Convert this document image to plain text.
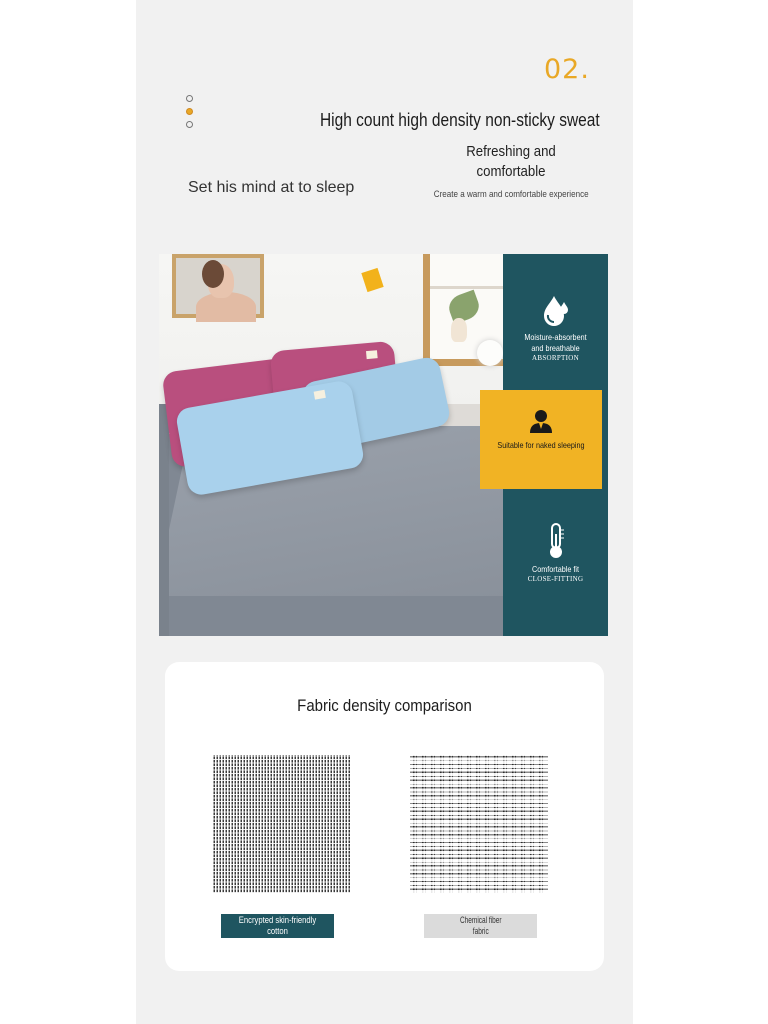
02.
High count high density non-sticky sweat
Refreshing and
comfortable
Set his mind at to sleep	Create a warm and comfortable experience
Moisture-absorbent
and breathable
ABSORPTION
Comfortable fit
CLOSE-FITTING
Suitable for naked sleeping
Fabric density comparison
Encrypted skin-friendly cotton
Chemical fiber
fabric
